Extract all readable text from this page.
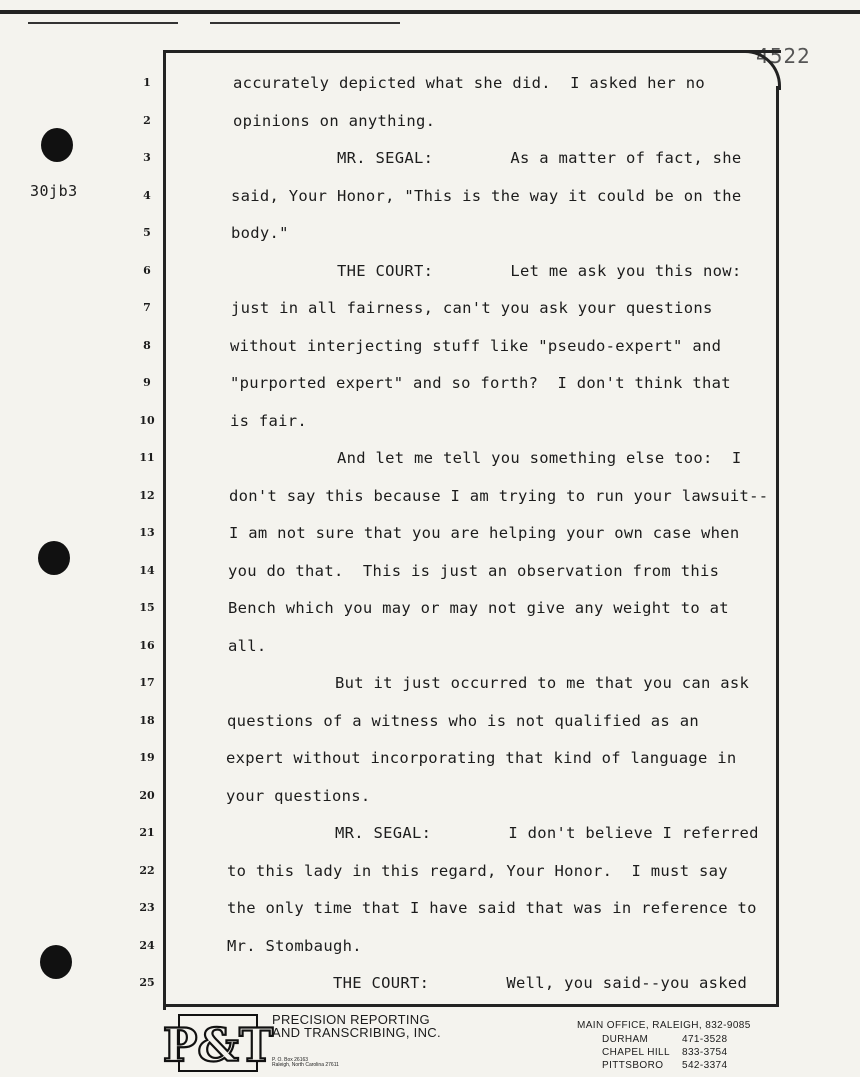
30jb3
4522
1
2
3
4
5
6
7
8
9
10
11
12
13
14
15
16
17
18
19
20
21
22
23
24
25
accurately depicted what she did.  I asked her no
opinions on anything.
MR. SEGAL:        As a matter of fact, she
said, Your Honor, "This is the way it could be on the
body."
THE COURT:        Let me ask you this now:
just in all fairness, can't you ask your questions
without interjecting stuff like "pseudo-expert" and
"purported expert" and so forth?  I don't think that
is fair.
And let me tell you something else too:  I
don't say this because I am trying to run your lawsuit--
I am not sure that you are helping your own case when
you do that.  This is just an observation from this
Bench which you may or may not give any weight to at
all.
But it just occurred to me that you can ask
questions of a witness who is not qualified as an
expert without incorporating that kind of language in
your questions.
MR. SEGAL:        I don't believe I referred
to this lady in this regard, Your Honor.  I must say
the only time that I have said that was in reference to
Mr. Stombaugh.
THE COURT:        Well, you said--you asked
P&T
PRECISION REPORTING
AND TRANSCRIBING, INC.
P. O. Box 26163
Raleigh, North Carolina 27611
MAIN OFFICE, RALEIGH, 832-9085
DURHAM	471-3528
CHAPEL HILL 833-3754
PITTSBORO 542-3374
